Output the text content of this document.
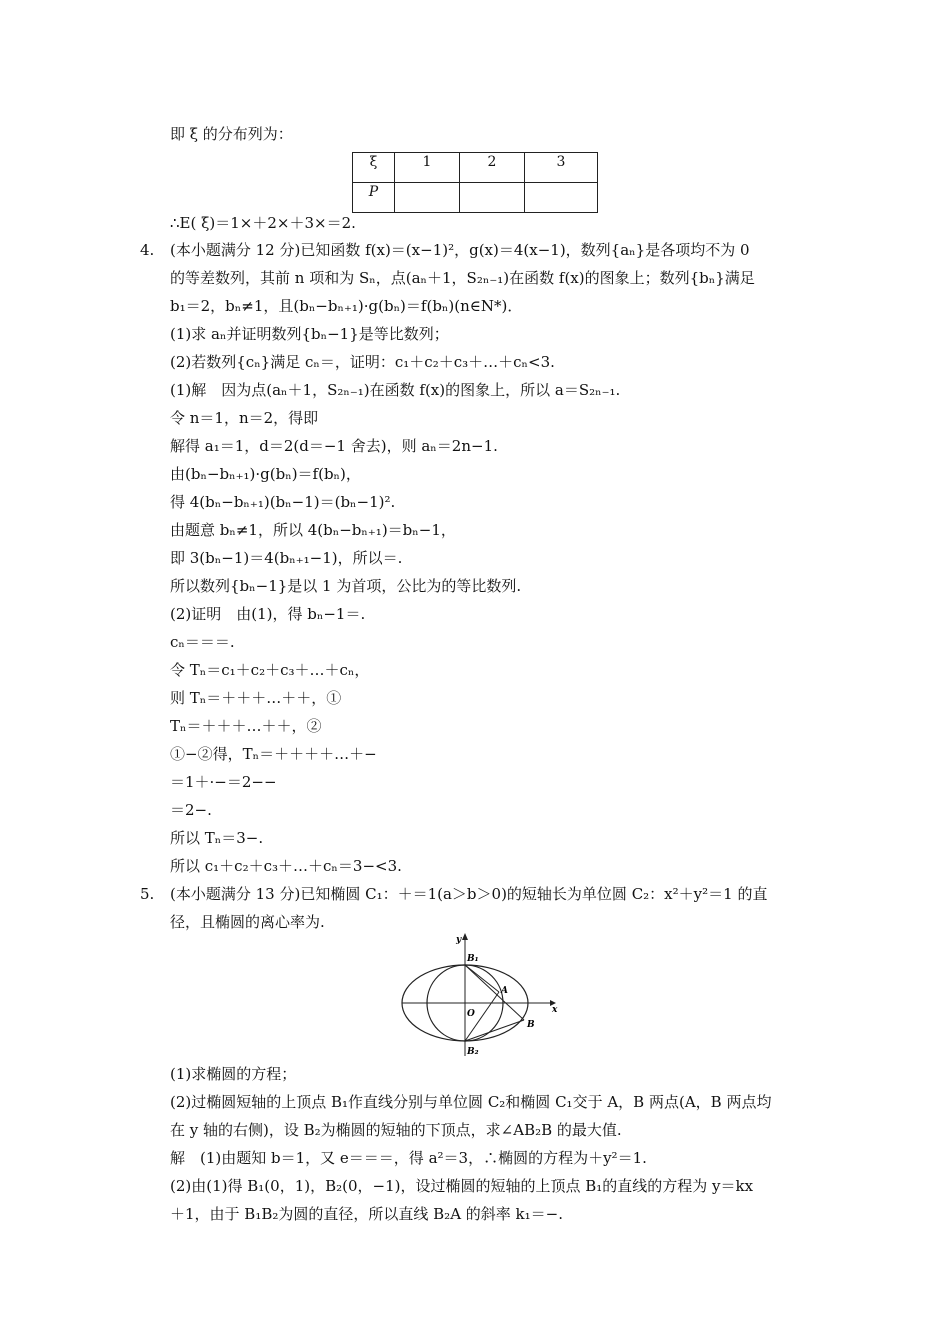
即 ξ 的分布列为：
ξ	1	2	3
P			
∴E( ξ)＝1×＋2×＋3×＝2.
4. (本小题满分 12 分)已知函数 f(x)＝(x−1)²，g(x)＝4(x−1)，数列{aₙ}是各项均不为 0
的等差数列，其前 n 项和为 Sₙ，点(aₙ＋1，S₂ₙ₋₁)在函数 f(x)的图象上；数列{bₙ}满足
b₁＝2，bₙ≠1，且(bₙ−bₙ₊₁)·g(bₙ)＝f(bₙ)(n∈N*)．
(1)求 aₙ并证明数列{bₙ−1}是等比数列；
(2)若数列{cₙ}满足 cₙ＝，证明：c₁＋c₂＋c₃＋…＋cₙ<3.
(1)解　因为点(aₙ＋1，S₂ₙ₋₁)在函数 f(x)的图象上，所以 a＝S₂ₙ₋₁.
令 n＝1，n＝2，得即
解得 a₁＝1，d＝2(d＝−1 舍去)，则 aₙ＝2n−1.
由(bₙ−bₙ₊₁)·g(bₙ)＝f(bₙ)，
得 4(bₙ−bₙ₊₁)(bₙ−1)＝(bₙ−1)².
由题意 bₙ≠1，所以 4(bₙ−bₙ₊₁)＝bₙ−1，
即 3(bₙ−1)＝4(bₙ₊₁−1)，所以＝.
所以数列{bₙ−1}是以 1 为首项，公比为的等比数列.
(2)证明　由(1)，得 bₙ−1＝.
cₙ＝＝＝.
令 Tₙ＝c₁＋c₂＋c₃＋…＋cₙ，
则 Tₙ＝＋＋＋…＋＋，①
Tₙ＝＋＋＋…＋＋，②
①−②得，Tₙ＝＋＋＋＋…＋−
＝1＋·−＝2−−
＝2−.
所以 Tₙ＝3−.
所以 c₁＋c₂＋c₃＋…＋cₙ＝3−<3.
5. (本小题满分 13 分)已知椭圆 C₁：＋＝1(a＞b＞0)的短轴长为单位圆 C₂：x²＋y²＝1 的直
径，且椭圆的离心率为.
y
x
B₁
A
O
B
B₂
(1)求椭圆的方程；
(2)过椭圆短轴的上顶点 B₁作直线分别与单位圆 C₂和椭圆 C₁交于 A，B 两点(A，B 两点均
在 y 轴的右侧)，设 B₂为椭圆的短轴的下顶点，求∠AB₂B 的最大值.
解　(1)由题知 b＝1，又 e＝＝＝，得 a²＝3，∴椭圆的方程为＋y²＝1.
(2)由(1)得 B₁(0，1)，B₂(0，−1)，设过椭圆的短轴的上顶点 B₁的直线的方程为 y＝kx
＋1，由于 B₁B₂为圆的直径，所以直线 B₂A 的斜率 k₁＝−.
